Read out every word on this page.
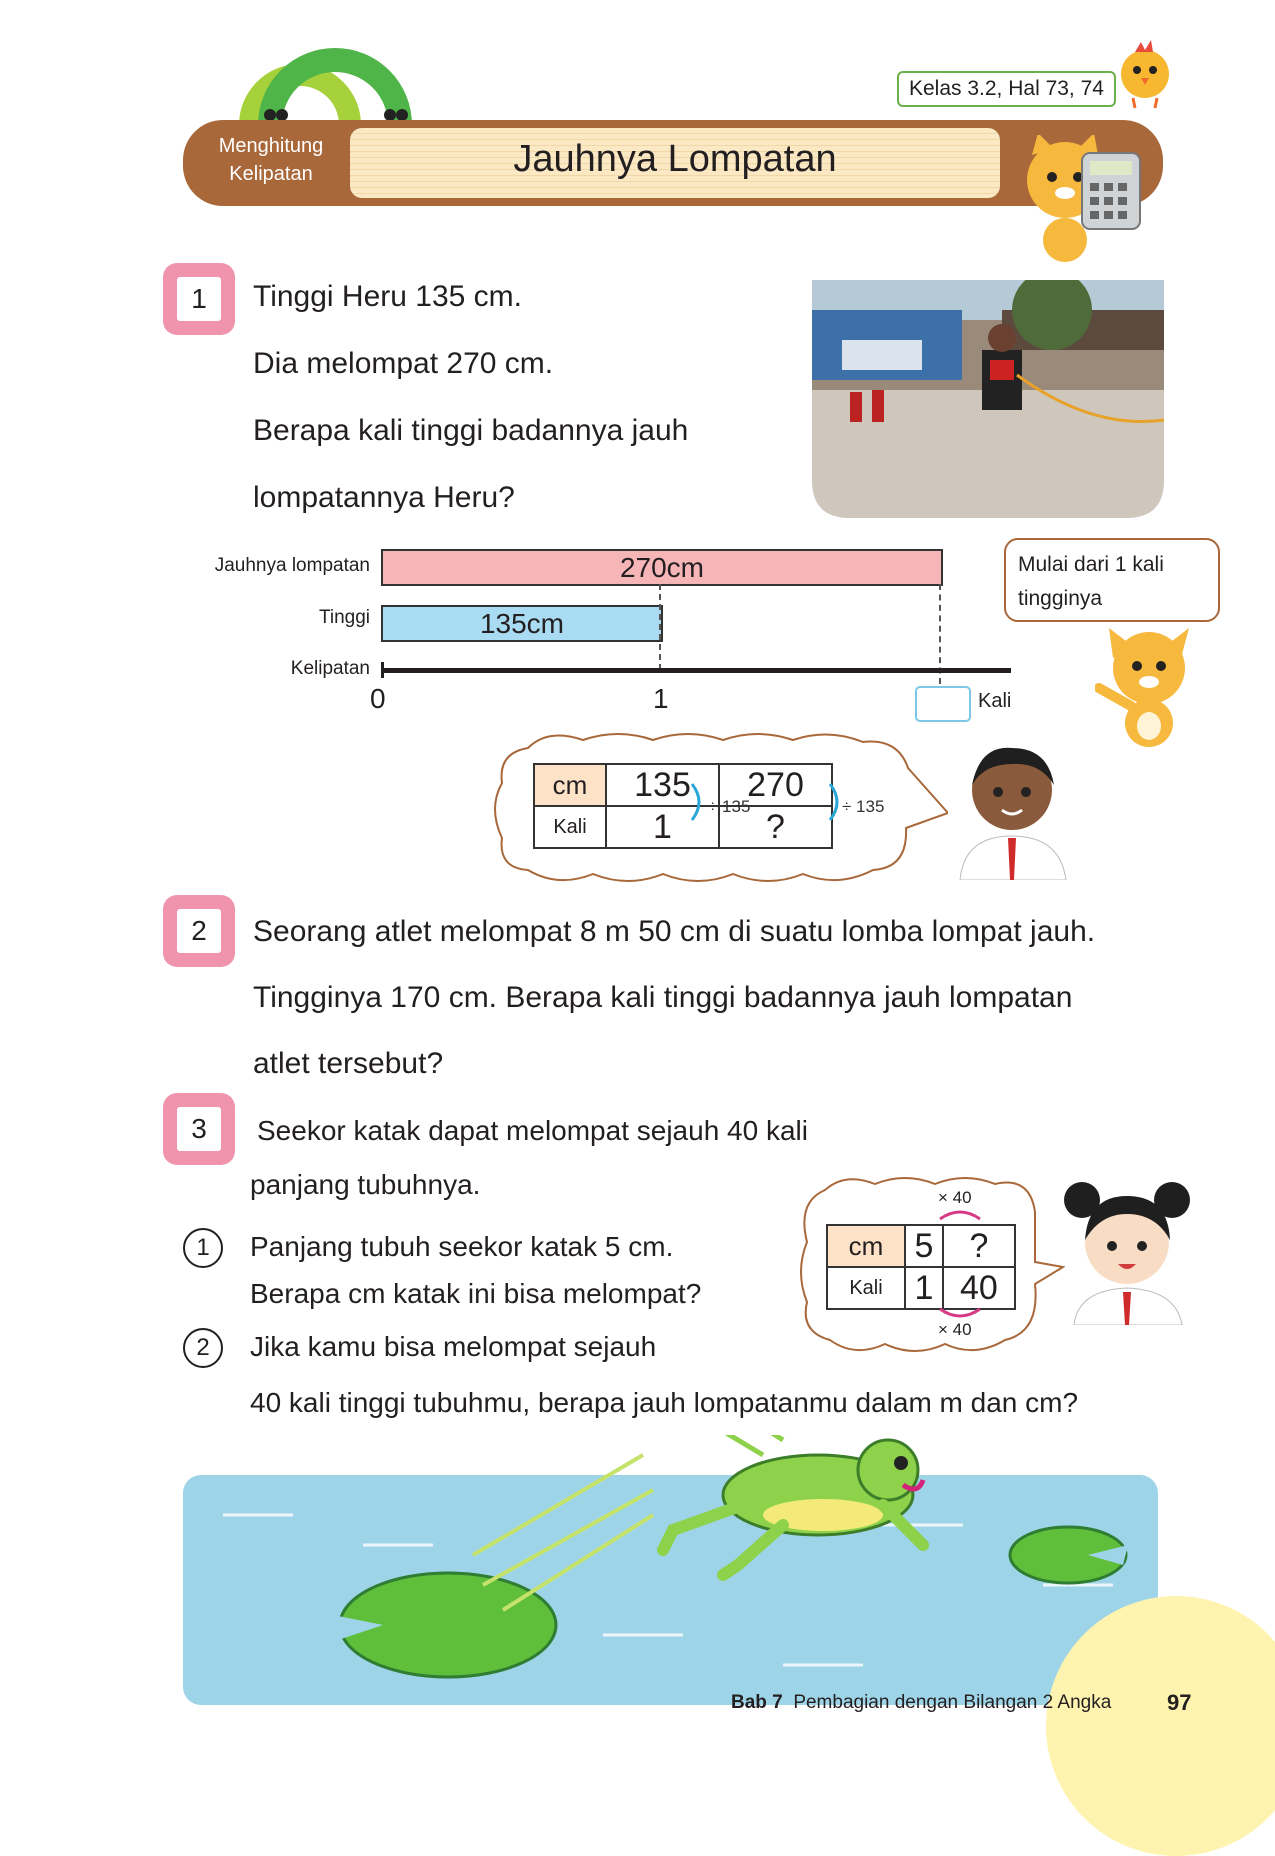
Menghitung
Kelipatan	Jauhnya Lompatan
Kelas 3.2, Hal 73, 74
1	Tinggi Heru 135 cm.
Dia melompat 270 cm.
Berapa kali tinggi badannya jauh
lompatannya Heru?
Jauhnya lompatan
Tinggi
Kelipatan
270cm
135cm
0	1	Kali
Mulai dari 1 kali tingginya
cm	135	270
Kali	1	?
÷ 135	÷ 135
2	Seorang atlet melompat 8 m 50 cm di suatu lomba lompat jauh.
Tingginya 170 cm. Berapa kali tinggi badannya jauh lompatan
atlet tersebut?
3	Seekor katak dapat melompat sejauh 40 kali
panjang tubuhnya.
1	Panjang tubuh seekor katak 5 cm.
Berapa cm katak ini bisa melompat?
2	Jika kamu bisa melompat sejauh
40 kali tinggi tubuhmu, berapa jauh lompatanmu dalam m dan cm?
cm	5	?
Kali	1	40
× 40
× 40
Bab 7 Pembagian dengan Bilangan 2 Angka	97
